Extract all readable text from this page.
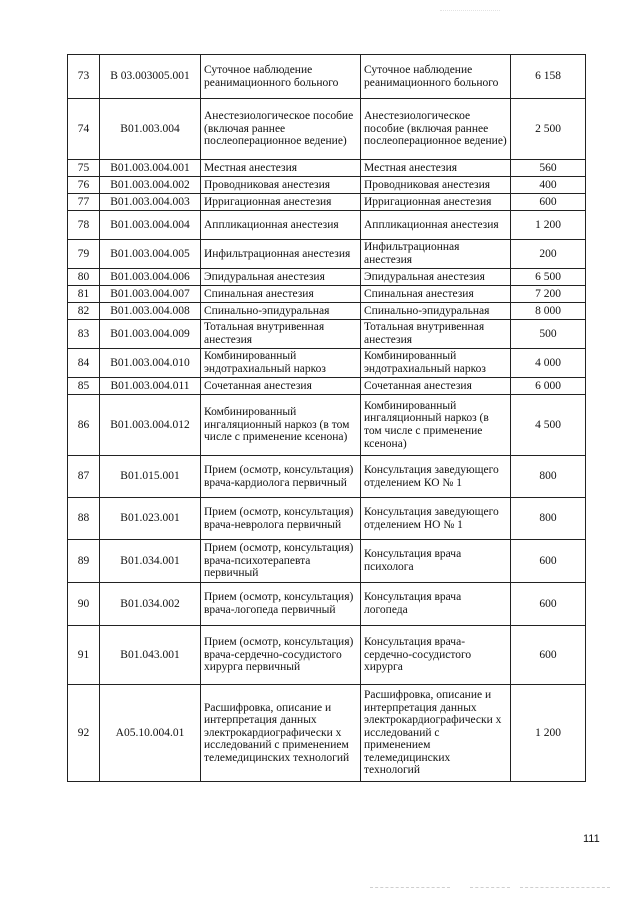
73	В 03.003005.001	Суточное наблюдение реанимационного больного	Суточное наблюдение реанимационного больного	6 158
74	В01.003.004	Анестезиологическое пособие (включая раннее послеоперационное ведение)	Анестезиологическое пособие (включая раннее послеоперационное ведение)	2 500
75	В01.003.004.001	Местная анестезия	Местная анестезия	560
76	В01.003.004.002	Проводниковая анестезия	Проводниковая анестезия	400
77	В01.003.004.003	Ирригационная анестезия	Ирригационная анестезия	600
78	В01.003.004.004	Аппликационная анестезия	Аппликационная анестезия	1 200
79	В01.003.004.005	Инфильтрационная анестезия	Инфильтрационная анестезия	200
80	В01.003.004.006	Эпидуральная анестезия	Эпидуральная анестезия	6 500
81	В01.003.004.007	Спинальная анестезия	Спинальная анестезия	7 200
82	В01.003.004.008	Спинально-эпидуральная	Спинально-эпидуральная	8 000
83	В01.003.004.009	Тотальная внутривенная анестезия	Тотальная внутривенная анестезия	500
84	В01.003.004.010	Комбинированный эндотрахиальный наркоз	Комбинированный эндотрахиальный наркоз	4 000
85	В01.003.004.011	Сочетанная анестезия	Сочетанная анестезия	6 000
86	В01.003.004.012	Комбинированный ингаляционный наркоз (в том числе с применение ксенона)	Комбинированный ингаляционный наркоз (в том числе с применение ксенона)	4 500
87	В01.015.001	Прием (осмотр, консультация) врача-кардиолога первичный	Консультация заведующего отделением КО № 1	800
88	В01.023.001	Прием (осмотр, консультация) врача-невролога первичный	Консультация заведующего отделением НО № 1	800
89	В01.034.001	Прием (осмотр, консультация) врача-психотерапевта первичный	Консультация врача психолога	600
90	В01.034.002	Прием (осмотр, консультация) врача-логопеда первичный	Консультация врача логопеда	600
91	В01.043.001	Прием (осмотр, консультация) врача-сердечно-сосудистого хирурга первичный	Консультация врача-сердечно-сосудистого хирурга	600
92	А05.10.004.01	Расшифровка, описание и интерпретация данных электрокардиографически х исследований с применением телемедицинских технологий	Расшифровка, описание и интерпретация данных электрокардиографически х исследований с применением телемедицинских технологий	1 200
111
